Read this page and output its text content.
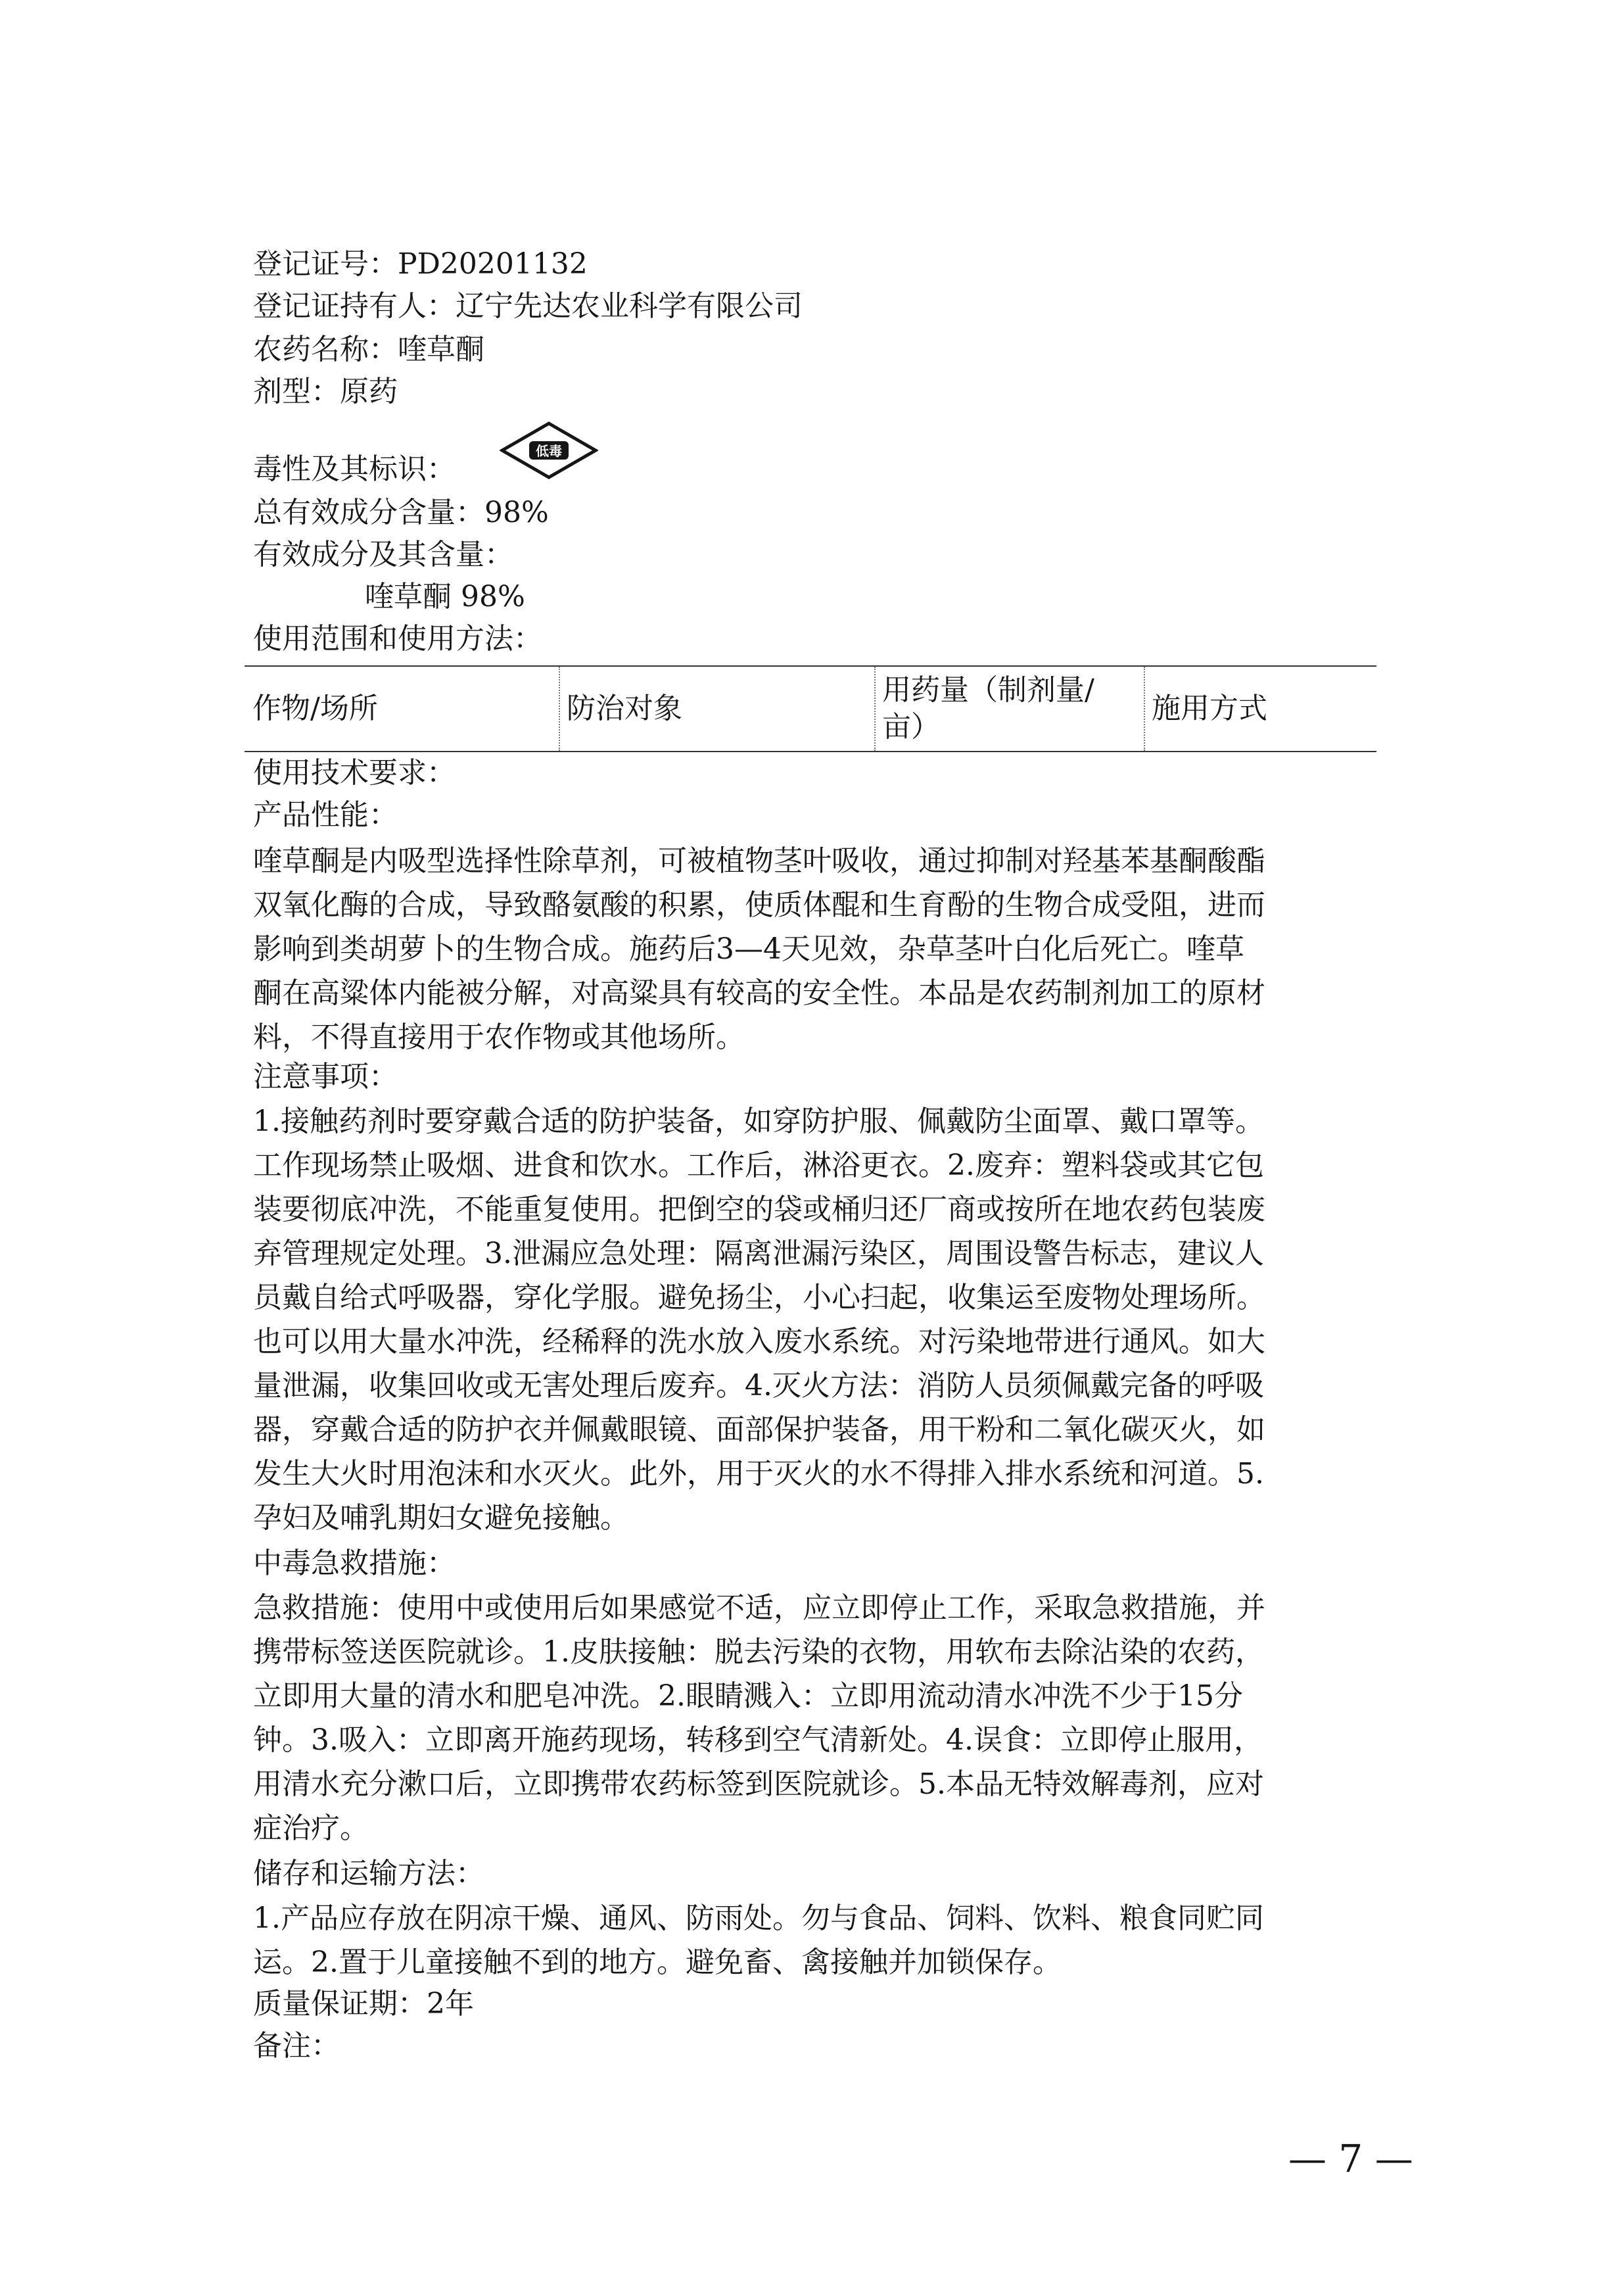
登记证号：PD20201132
登记证持有人：辽宁先达农业科学有限公司
农药名称：喹草酮
剂型：原药
毒性及其标识：
低毒
总有效成分含量：98%
有效成分及其含量：
喹草酮 98%
使用范围和使用方法：
作物/场所	防治对象
用药量（制剂量/
亩）
施用方式
使用技术要求：
产品性能：
喹草酮是内吸型选择性除草剂，可被植物茎叶吸收，通过抑制对羟基苯基酮酸酯
双氧化酶的合成，导致酪氨酸的积累，使质体醌和生育酚的生物合成受阻，进而
影响到类胡萝卜的生物合成。施药后3—4天见效，杂草茎叶白化后死亡。喹草
酮在高粱体内能被分解，对高粱具有较高的安全性。本品是农药制剂加工的原材
料，不得直接用于农作物或其他场所。
注意事项：
1.接触药剂时要穿戴合适的防护装备，如穿防护服、佩戴防尘面罩、戴口罩等。
工作现场禁止吸烟、进食和饮水。工作后，淋浴更衣。2.废弃：塑料袋或其它包
装要彻底冲洗，不能重复使用。把倒空的袋或桶归还厂商或按所在地农药包装废
弃管理规定处理。3.泄漏应急处理：隔离泄漏污染区，周围设警告标志，建议人
员戴自给式呼吸器，穿化学服。避免扬尘，小心扫起，收集运至废物处理场所。
也可以用大量水冲洗，经稀释的洗水放入废水系统。对污染地带进行通风。如大
量泄漏，收集回收或无害处理后废弃。4.灭火方法：消防人员须佩戴完备的呼吸
器，穿戴合适的防护衣并佩戴眼镜、面部保护装备，用干粉和二氧化碳灭火，如
发生大火时用泡沫和水灭火。此外，用于灭火的水不得排入排水系统和河道。5.
孕妇及哺乳期妇女避免接触。
中毒急救措施：
急救措施：使用中或使用后如果感觉不适，应立即停止工作，采取急救措施，并
携带标签送医院就诊。1.皮肤接触：脱去污染的衣物，用软布去除沾染的农药，
立即用大量的清水和肥皂冲洗。2.眼睛溅入：立即用流动清水冲洗不少于15分
钟。3.吸入：立即离开施药现场，转移到空气清新处。4.误食：立即停止服用，
用清水充分漱口后，立即携带农药标签到医院就诊。5.本品无特效解毒剂，应对
症治疗。
储存和运输方法：
1.产品应存放在阴凉干燥、通风、防雨处。勿与食品、饲料、饮料、粮食同贮同
运。2.置于儿童接触不到的地方。避免畜、禽接触并加锁保存。
质量保证期：2年
备注：
— 7 —
